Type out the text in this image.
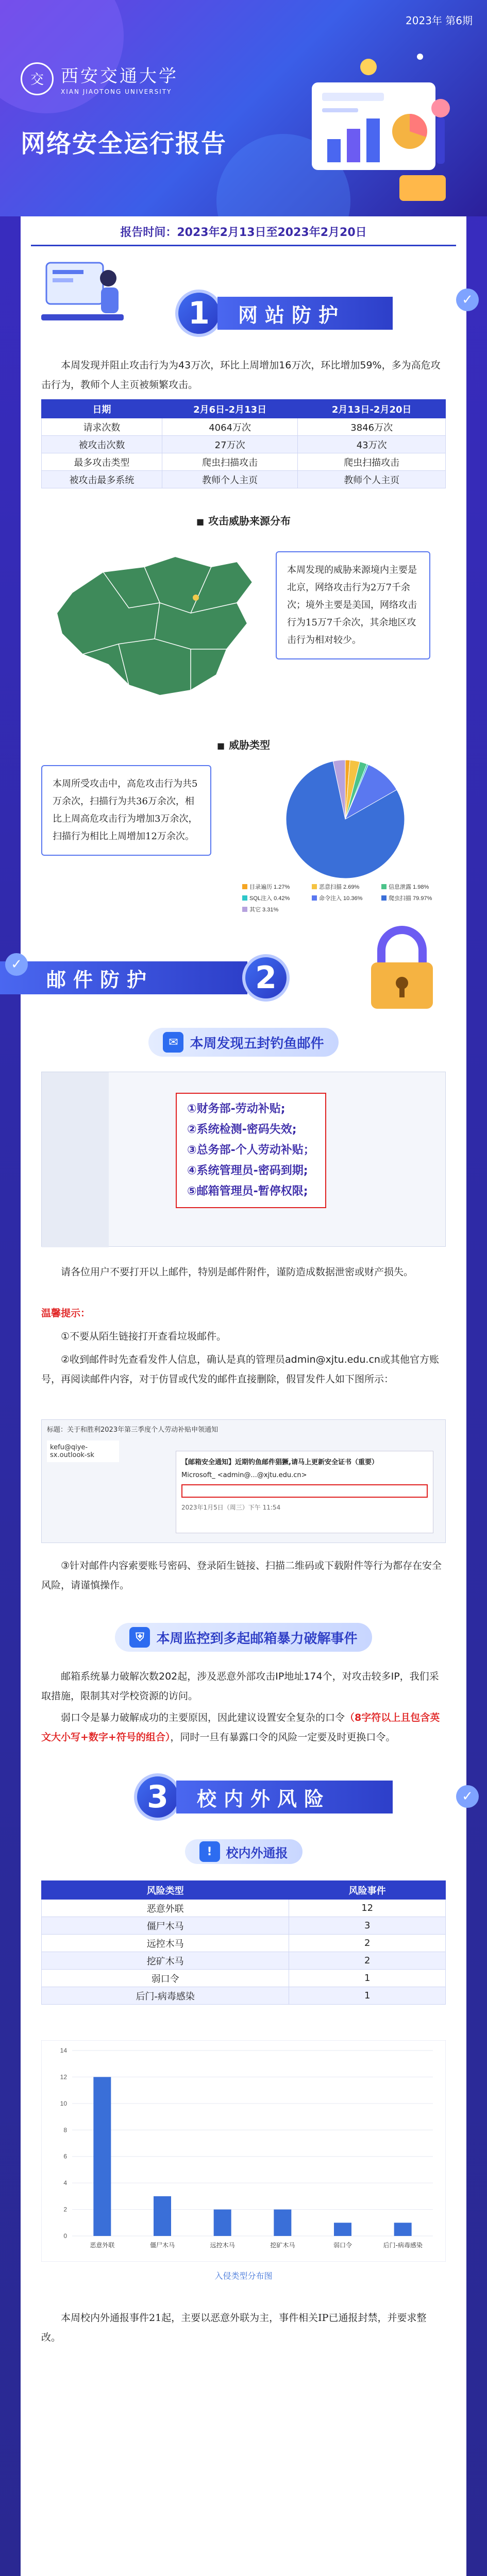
2023年 第6期
交 西安交通大学
XIAN JIAOTONG UNIVERSITY
网络安全运行报告
报告时间：2023年2月13日至2023年2月20日
1	网站防护

本周发现并阻止攻击行为为43万次，环比上周增加16万次，环比增加59%，多为高危攻击行为，教师个人主页被频繁攻击。

日期	2月6日-2月13日	2月13日-2月20日
请求次数	4064万次	3846万次
被攻击次数	27万次	43万次
最多攻击类型	爬虫扫描攻击	爬虫扫描攻击
被攻击最多系统	教师个人主页	教师个人主页
■ 攻击威胁来源分布
本周发现的威胁来源境内主要是北京，网络攻击行为2万7千余次；境外主要是美国，网络攻击行为15万7千余次，其余地区攻击行为相对较少。
■ 威胁类型
本周所受攻击中，高危攻击行为共5万余次，扫描行为共36万余次，相比上周高危攻击行为增加3万余次，扫描行为相比上周增加12万余次。
目录遍历 1.27%	恶意扫描 2.69%	信息泄露 1.98%
SQL注入 0.42%	命令注入 10.36%	爬虫扫描 79.97%
其它 3.31%
邮件防护	2
✉ 本周发现五封钓鱼邮件
①财务部-劳动补贴;
②系统检测-密码失效;
③总务部-个人劳动补贴；
④系统管理员-密码到期;
⑤邮箱管理员-暂停权限;

请各位用户不要打开以上邮件，特别是邮件附件，谨防造成数据泄密或财产损失。

温馨提示：

①不要从陌生链接打开查看垃圾邮件。

②收到邮件时先查看发件人信息，确认是真的管理员admin@xjtu.edu.cn或其他官方账号，再阅读邮件内容，对于仿冒或代发的邮件直接删除，假冒发件人如下图所示：

标题：关于和胜利2023年第三季度个人劳动补贴申领通知
kefu@qiye-sx.outlook-sk
【邮箱安全通知】近期钓鱼邮件猖獗,请马上更新安全证书（重要）
Microsoft_ <admin@...@xjtu.edu.cn>
2023年1月5日（周三）下午 11:54

③针对邮件内容索要账号密码、登录陌生链接、扫描二维码或下载附件等行为都存在安全风险，请谨慎操作。

⛨ 本周监控到多起邮箱暴力破解事件

邮箱系统暴力破解次数202起，涉及恶意外部攻击IP地址174个，对攻击较多IP，我们采取措施，限制其对学校资源的访问。

弱口令是暴力破解成功的主要原因，因此建议设置安全复杂的口令（8字符以上且包含英文大小写+数字+符号的组合），同时一旦有暴露口令的风险一定要及时更换口令。

3	校内外风险
!	校内外通报
风险类型	风险事件
恶意外联	12
僵尸木马	3
远控木马	2
挖矿木马	2
弱口令	1
后门-病毒感染	1
0
2
4
6
8
10
12
14
恶意外联	僵尸木马	远控木马	挖矿木马	弱口令	后门-病毒感染
入侵类型分布图

本周校内外通报事件21起，主要以恶意外联为主，事件相关IP已通报封禁，并要求整改。

✓
✓
✓
